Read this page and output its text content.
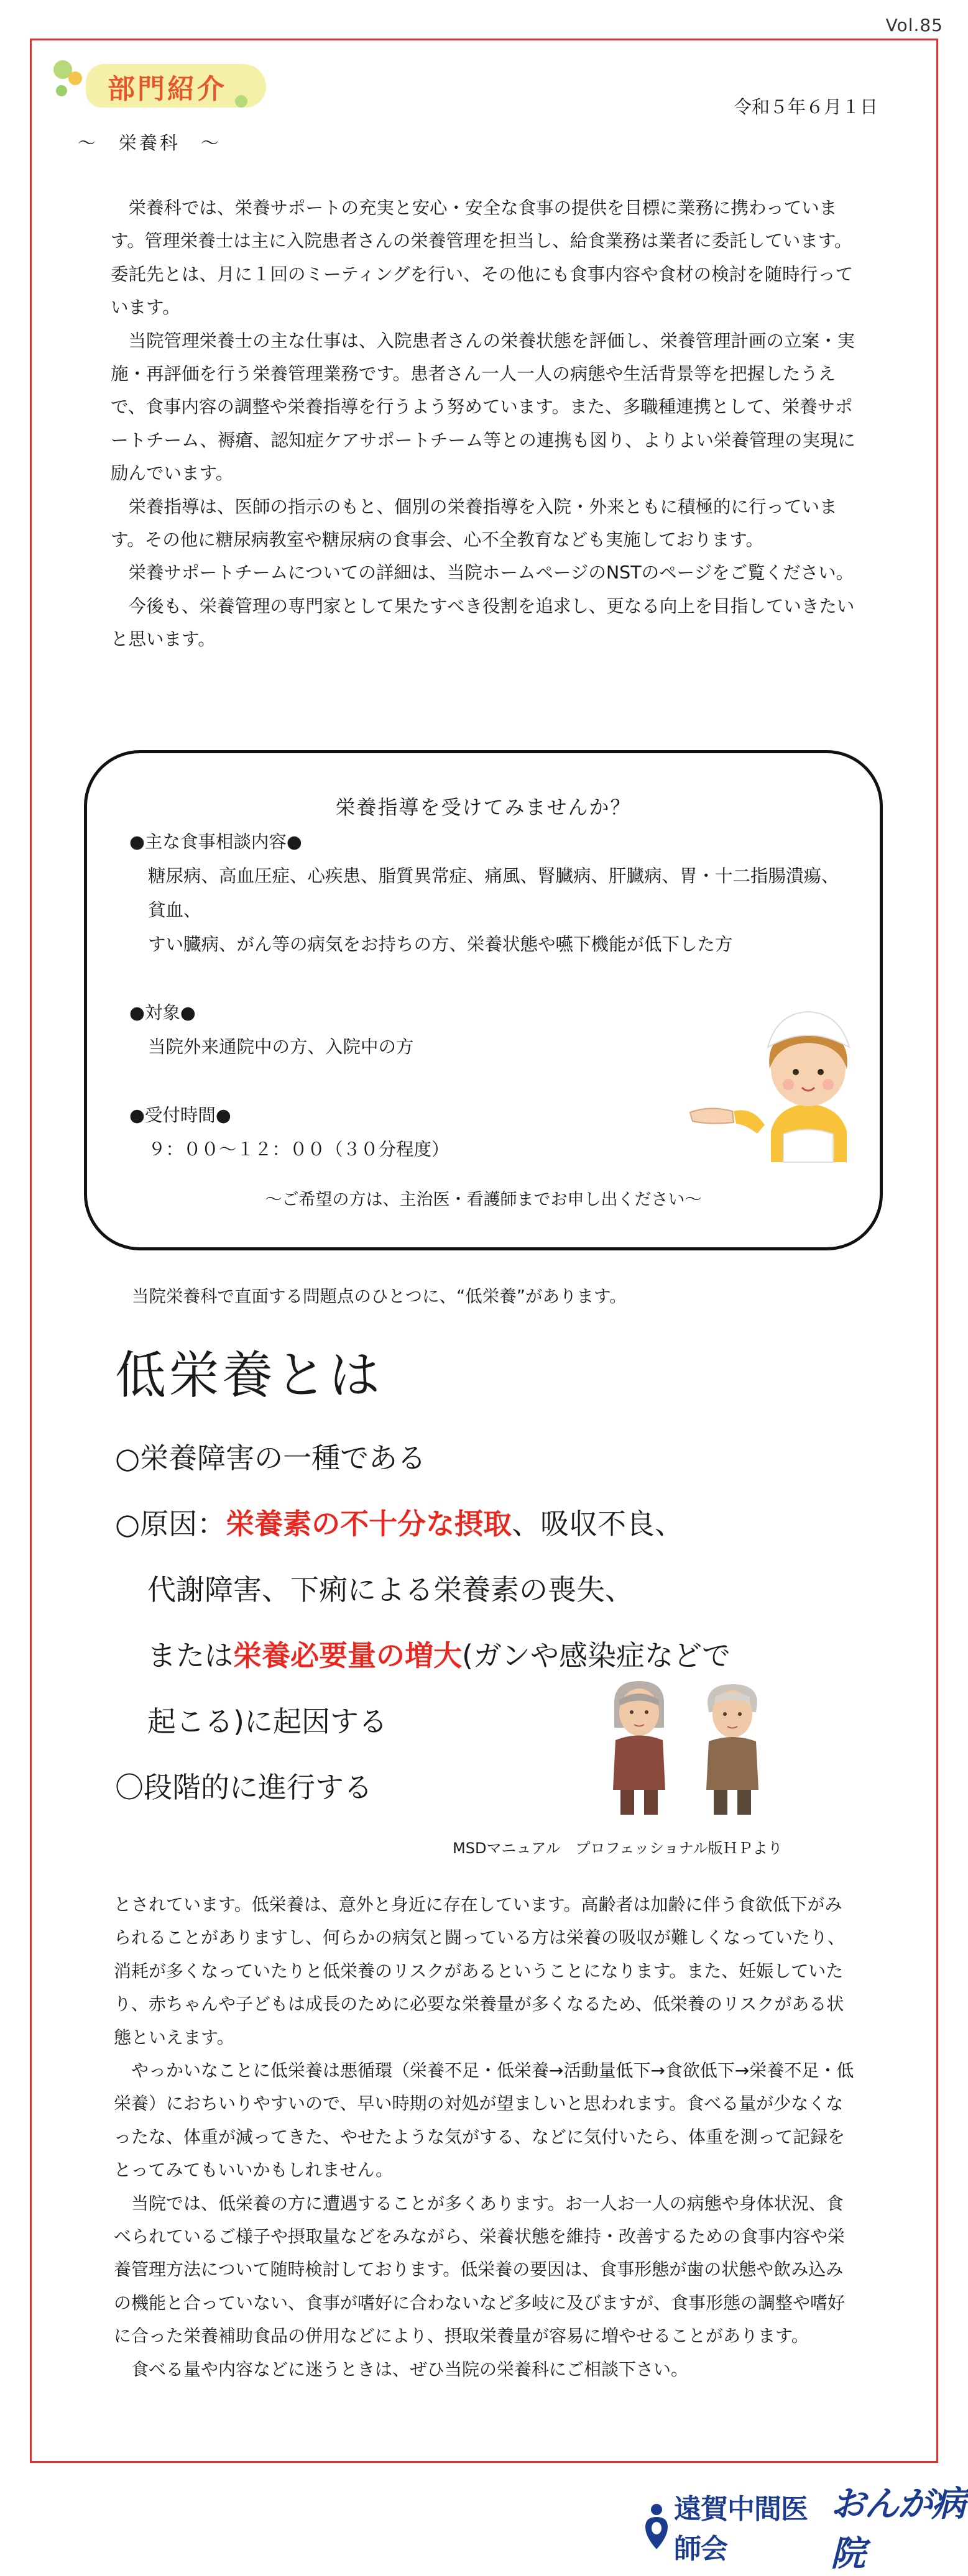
Vol.85
部門紹介
令和５年６月１日
～　栄養科　～

栄養科では、栄養サポートの充実と安心・安全な食事の提供を目標に業務に携わっています。管理栄養士は主に入院患者さんの栄養管理を担当し、給食業務は業者に委託しています。委託先とは、月に１回のミーティングを行い、その他にも食事内容や食材の検討を随時行っています。

当院管理栄養士の主な仕事は、入院患者さんの栄養状態を評価し、栄養管理計画の立案・実施・再評価を行う栄養管理業務です。患者さん一人一人の病態や生活背景等を把握したうえで、食事内容の調整や栄養指導を行うよう努めています。また、多職種連携として、栄養サポートチーム、褥瘡、認知症ケアサポートチーム等との連携も図り、よりよい栄養管理の実現に励んでいます。

栄養指導は、医師の指示のもと、個別の栄養指導を入院・外来ともに積極的に行っています。その他に糖尿病教室や糖尿病の食事会、心不全教育なども実施しております。

栄養サポートチームについての詳細は、当院ホームページのNSTのページをご覧ください。

今後も、栄養管理の専門家として果たすべき役割を追求し、更なる向上を目指していきたいと思います。

栄養指導を受けてみませんか？
●主な食事相談内容●
糖尿病、高血圧症、心疾患、脂質異常症、痛風、腎臓病、肝臓病、胃・十二指腸潰瘍、貧血、
すい臓病、がん等の病気をお持ちの方、栄養状態や嚥下機能が低下した方
●対象●
当院外来通院中の方、入院中の方
●受付時間●
９：００～１２：００（３０分程度）
～ご希望の方は、主治医・看護師までお申し出ください～
当院栄養科で直面する問題点のひとつに、“低栄養”があります。
低栄養とは
○栄養障害の一種である
○原因：栄養素の不十分な摂取、吸収不良、
代謝障害、下痢による栄養素の喪失、
または栄養必要量の増大(ガンや感染症などで
起こる)に起因する
〇段階的に進行する
MSDマニュアル　プロフェッショナル版ＨＰより

とされています。低栄養は、意外と身近に存在しています。高齢者は加齢に伴う食欲低下がみられることがありますし、何らかの病気と闘っている方は栄養の吸収が難しくなっていたり、消耗が多くなっていたりと低栄養のリスクがあるということになります。また、妊娠していたり、赤ちゃんや子どもは成長のために必要な栄養量が多くなるため、低栄養のリスクがある状態といえます。

やっかいなことに低栄養は悪循環（栄養不足・低栄養→活動量低下→食欲低下→栄養不足・低栄養）におちいりやすいので、早い時期の対処が望ましいと思われます。食べる量が少なくなったな、体重が減ってきた、やせたような気がする、などに気付いたら、体重を測って記録をとってみてもいいかもしれません。

当院では、低栄養の方に遭遇することが多くあります。お一人お一人の病態や身体状況、食べられているご様子や摂取量などをみながら、栄養状態を維持・改善するための食事内容や栄養管理方法について随時検討しております。低栄養の要因は、食事形態が歯の状態や飲み込みの機能と合っていない、食事が嗜好に合わないなど多岐に及びますが、食事形態の調整や嗜好に合った栄養補助食品の併用などにより、摂取栄養量が容易に増やせることがあります。

食べる量や内容などに迷うときは、ぜひ当院の栄養科にご相談下さい。

遠賀中間医師会
おんが病院
